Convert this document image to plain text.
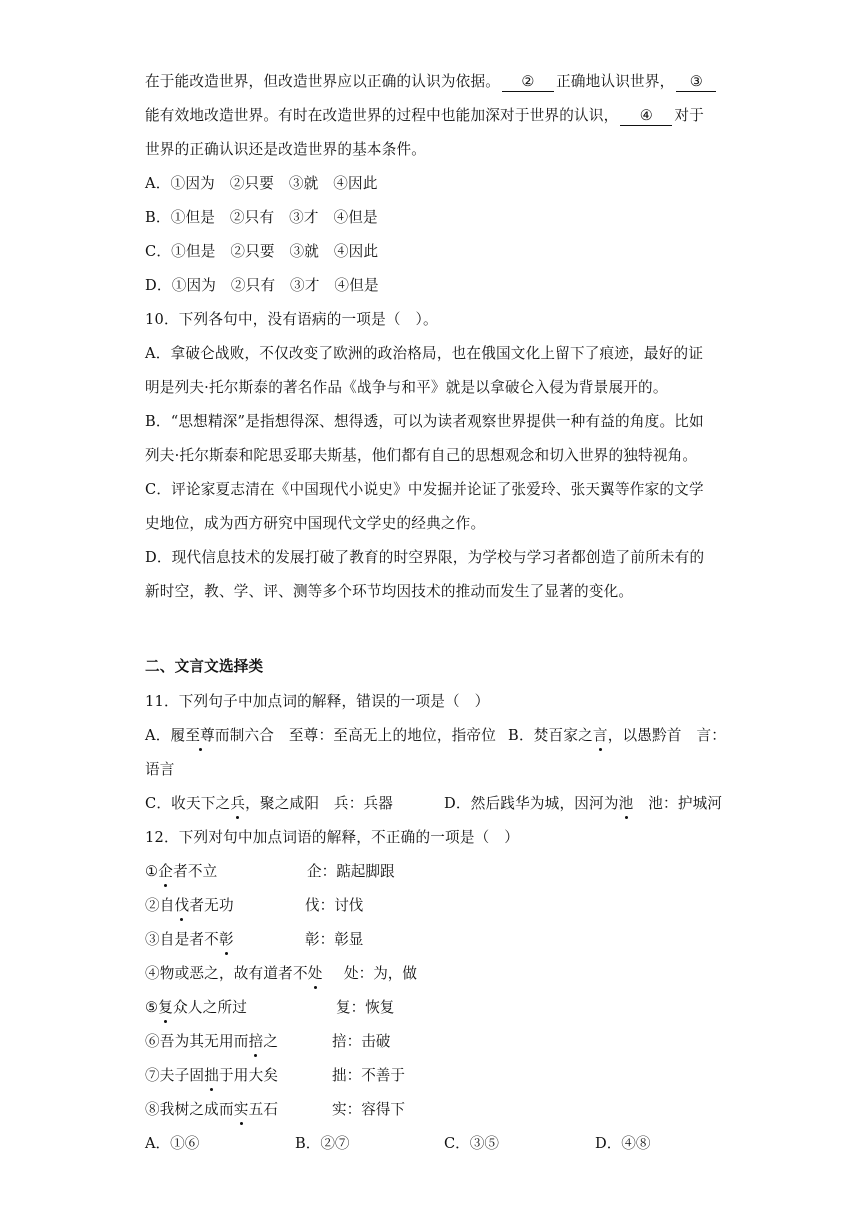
在于能改造世界，但改造世界应以正确的认识为依据。 ② 正确地认识世界， ③
能有效地改造世界。有时在改造世界的过程中也能加深对于世界的认识， ④ 对于
世界的正确认识还是改造世界的基本条件。
A．①因为　②只要　③就　④因此
B．①但是　②只有　③才　④但是
C．①但是　②只要　③就　④因此
D．①因为　②只有　③才　④但是
10．下列各句中，没有语病的一项是（　）。
A．拿破仑战败，不仅改变了欧洲的政治格局，也在俄国文化上留下了痕迹，最好的证
明是列夫·托尔斯泰的著名作品《战争与和平》就是以拿破仑入侵为背景展开的。
B．“思想精深”是指想得深、想得透，可以为读者观察世界提供一种有益的角度。比如
列夫·托尔斯泰和陀思妥耶夫斯基，他们都有自己的思想观念和切入世界的独特视角。
C．评论家夏志清在《中国现代小说史》中发掘并论证了张爱玲、张天翼等作家的文学
史地位，成为西方研究中国现代文学史的经典之作。
D．现代信息技术的发展打破了教育的时空界限，为学校与学习者都创造了前所未有的
新时空，教、学、评、测等多个环节均因技术的推动而发生了显著的变化。
二、文言文选择类
11．下列句子中加点词的解释，错误的一项是（　）
A．履至尊而制六合　至尊：至高无上的地位，指帝位 B．焚百家之言，以愚黔首　言：
语言
C．收天下之兵，聚之咸阳　兵：兵器	D．然后践华为城，因河为池　池：护城河
12．下列对句中加点词语的解释，不正确的一项是（　）
①企者不立	企：踮起脚跟
②自伐者无功	伐：讨伐
③自是者不彰	彰：彰显
④物或恶之，故有道者不处 处：为，做
⑤复众人之所过	复：恢复
⑥吾为其无用而掊之	掊：击破
⑦夫子固拙于用大矣	拙：不善于
⑧我树之成而实五石	实：容得下
A．①⑥	B．②⑦	C．③⑤	D．④⑧
